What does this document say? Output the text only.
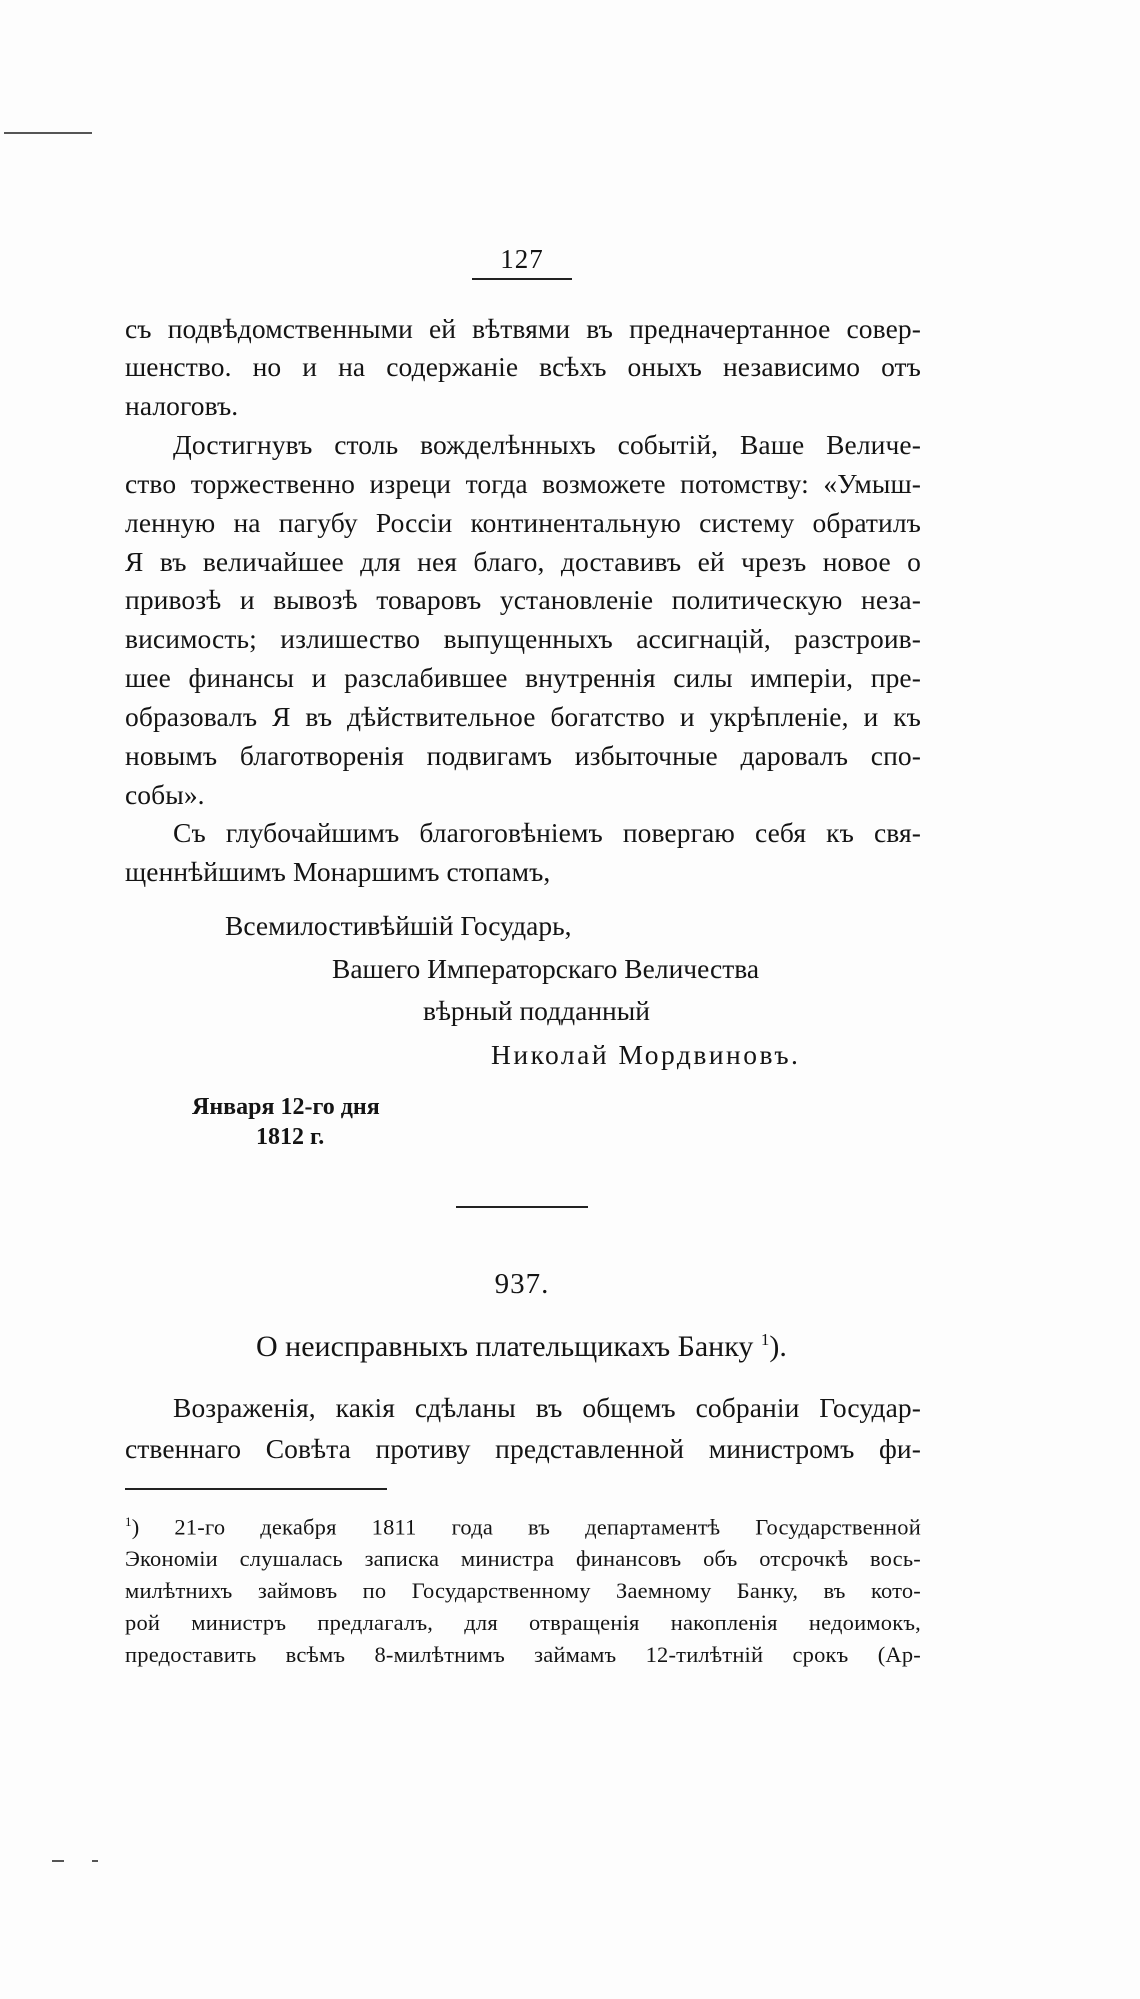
127
съ подвѣдомственными ей вѣтвями въ предначертанное совер-
шенство. но и на содержаніе всѣхъ оныхъ независимо отъ
налоговъ.
Достигнувъ столь вожделѣнныхъ событій, Ваше Величе-
ство торжественно изреци тогда возможете потомству: «Умыш-
ленную на пагубу Россіи континентальную систему обратилъ
Я въ величайшее для нея благо, доставивъ ей чрезъ новое о
привозѣ и вывозѣ товаровъ установленіе политическую неза-
висимость; излишество выпущенныхъ ассигнацій, разстроив-
шее финансы и разслабившее внутреннія силы имперіи, пре-
образовалъ Я въ дѣйствительное богатство и укрѣпленіе, и къ
новымъ благотворенія подвигамъ избыточные даровалъ спо-
собы».
Съ глубочайшимъ благоговѣніемъ повергаю себя къ свя-
щеннѣйшимъ Монаршимъ стопамъ,
Всемилостивѣйшій Государь,
Вашего Императорскаго Величества
вѣрный подданный
Николай Мордвиновъ.
Января 12-го дня
1812 г.
937.
О неисправныхъ плательщикахъ Банку $^1$).
Возраженія, какія сдѣланы въ общемъ собраніи Государ-
ственнаго Совѣта противу представленной министромъ фи-
$^1$) 21-го декабря 1811 года въ департаментѣ Государственной
Экономіи слушалась записка министра финансовъ объ отсрочкѣ вось-
милѣтнихъ займовъ по Государственному Заемному Банку, въ кото-
рой министръ предлагалъ, для отвращенія накопленія недоимокъ,
предоставить всѣмъ 8-милѣтнимъ займамъ 12-тилѣтній срокъ (Ар-
